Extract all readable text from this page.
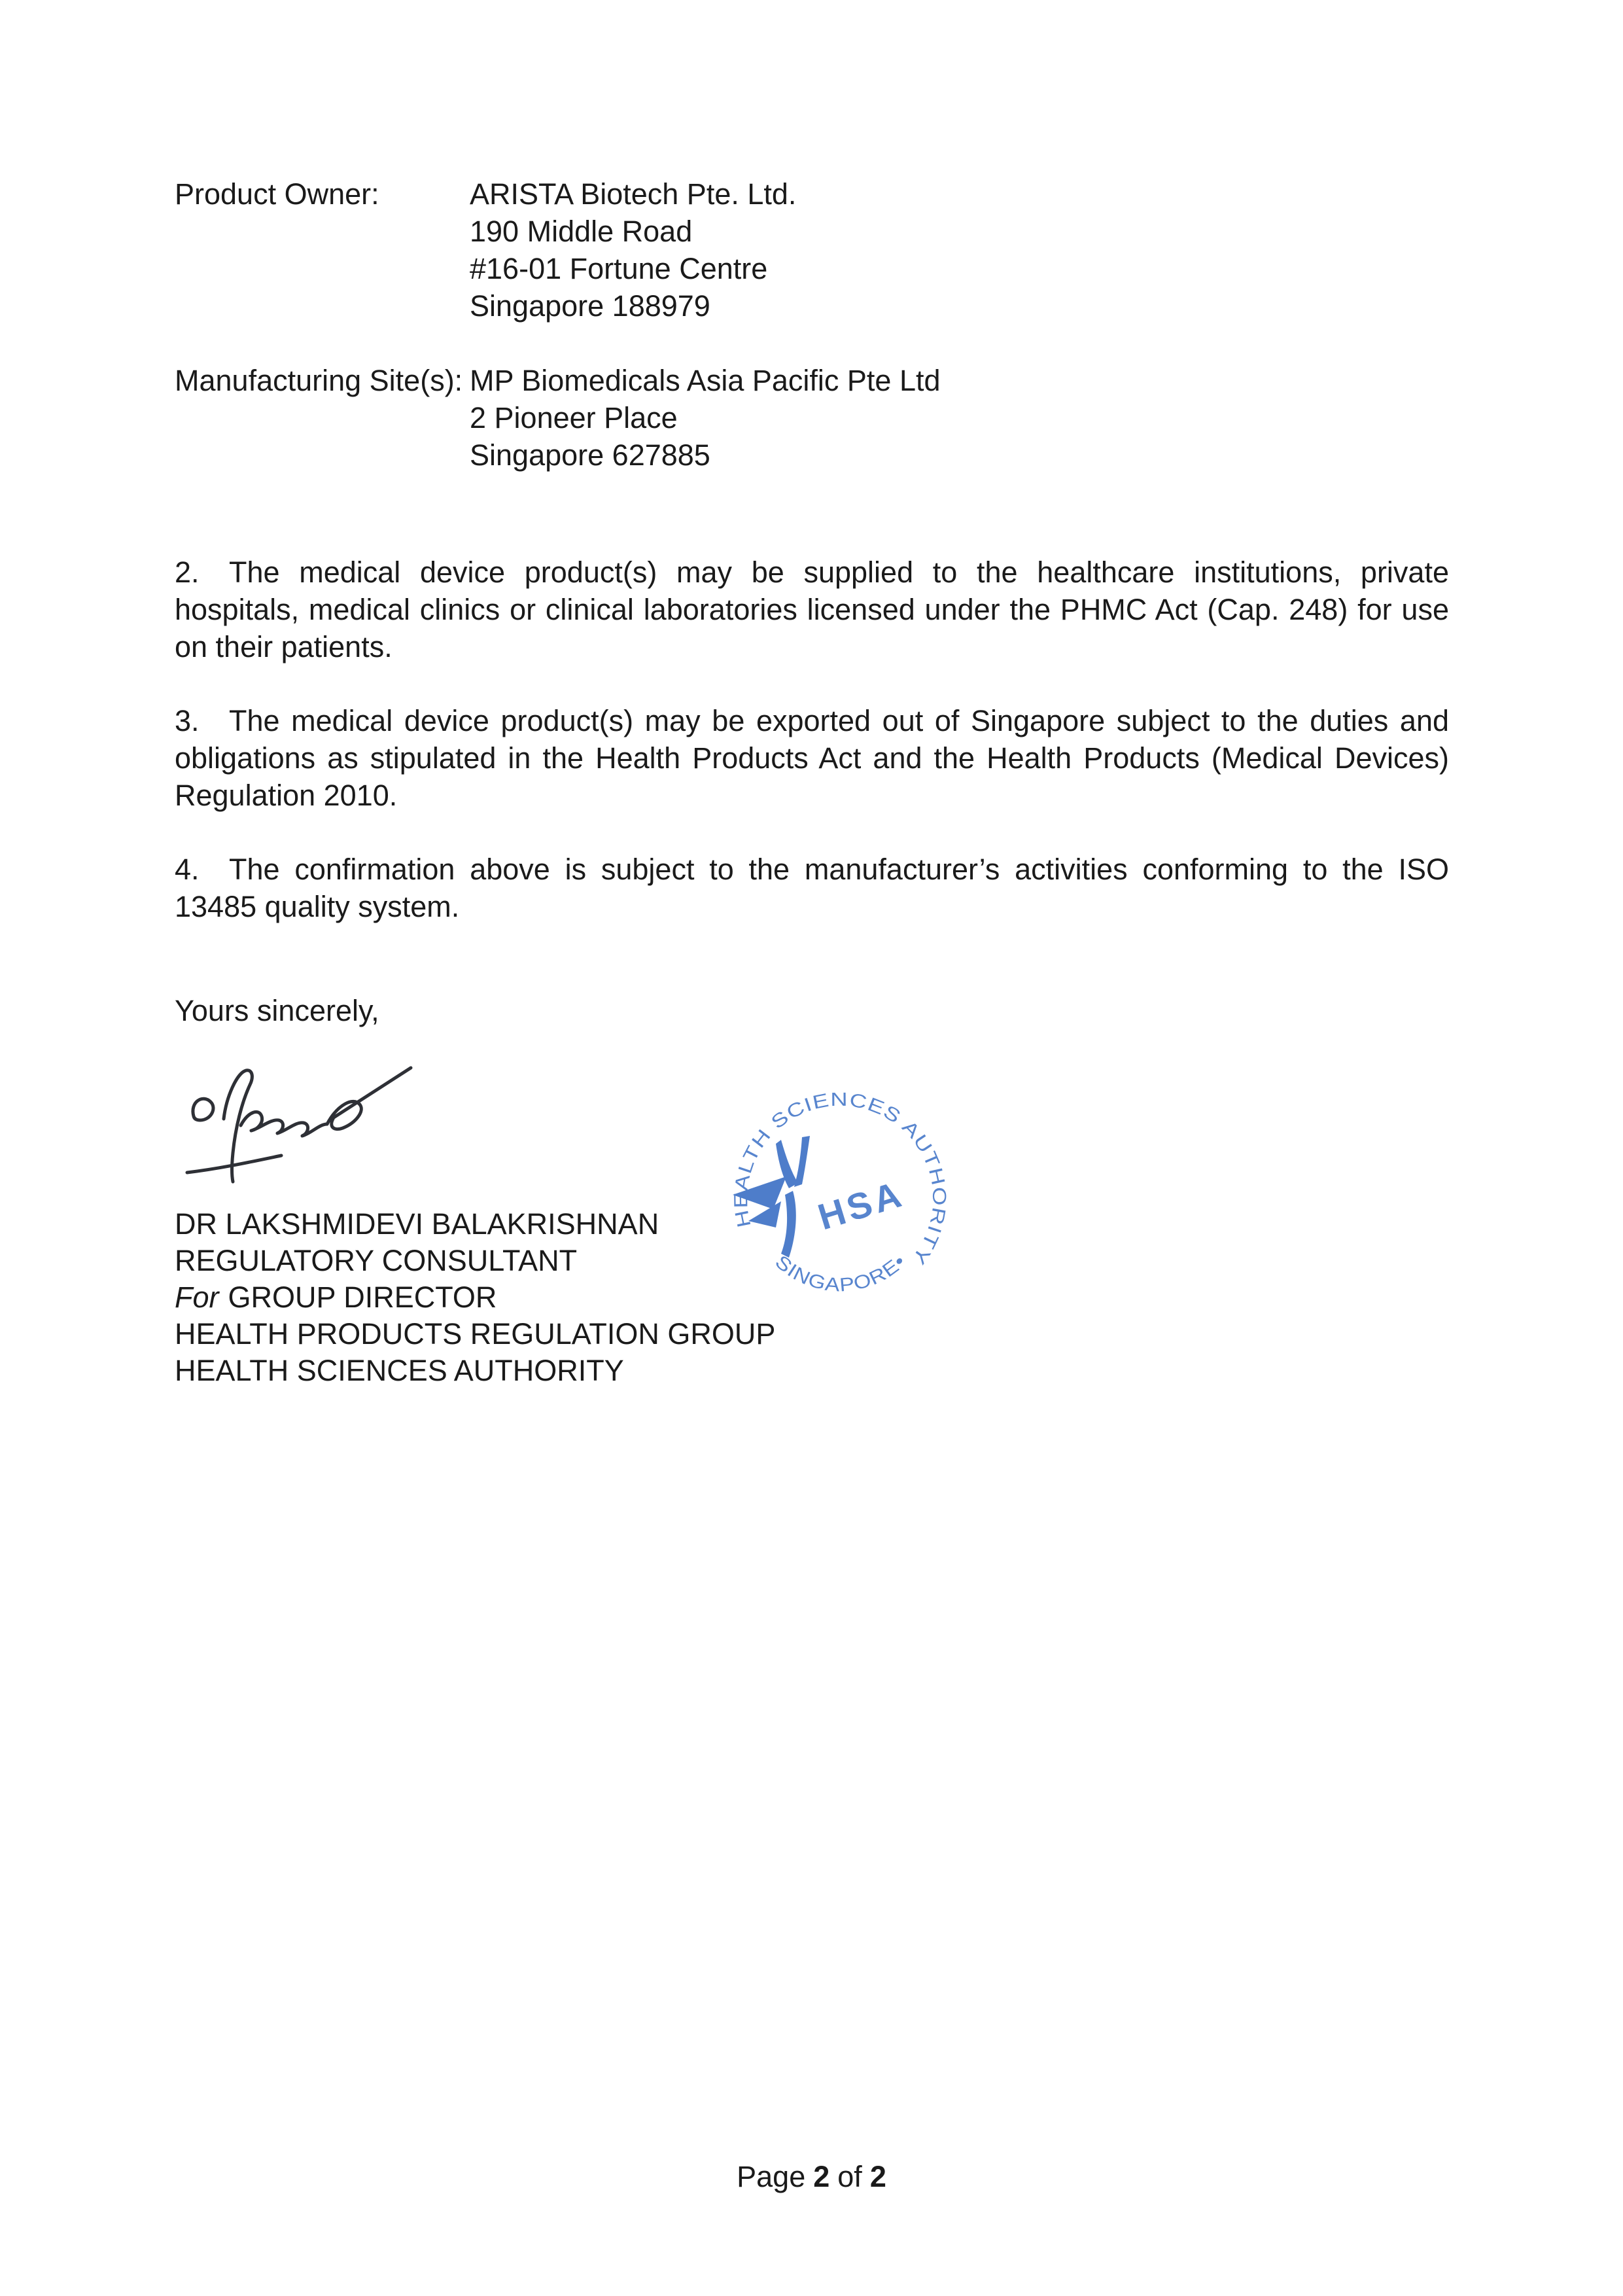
Product Owner:	ARISTA Biotech Pte. Ltd.
190 Middle Road
#16-01 Fortune Centre
Singapore 188979
Manufacturing Site(s): MP Biomedicals Asia Pacific Pte Ltd
2 Pioneer Place
Singapore 627885

2. The medical device product(s) may be supplied to the healthcare institutions, private hospitals, medical clinics or clinical laboratories licensed under the PHMC Act (Cap. 248) for use on their patients.

3. The medical device product(s) may be exported out of Singapore subject to the duties and obligations as stipulated in the Health Products Act and the Health Products (Medical Devices) Regulation 2010.

4. The confirmation above is subject to the manufacturer’s activities conforming to the ISO 13485 quality system.

Yours sincerely,
DR LAKSHMIDEVI BALAKRISHNAN
REGULATORY CONSULTANT
For GROUP DIRECTOR
HEALTH PRODUCTS REGULATION GROUP
HEALTH SCIENCES AUTHORITY
HEALTH SCIENCES AUTHORITY
SINGAPORE•
HSA
Page 2 of 2
